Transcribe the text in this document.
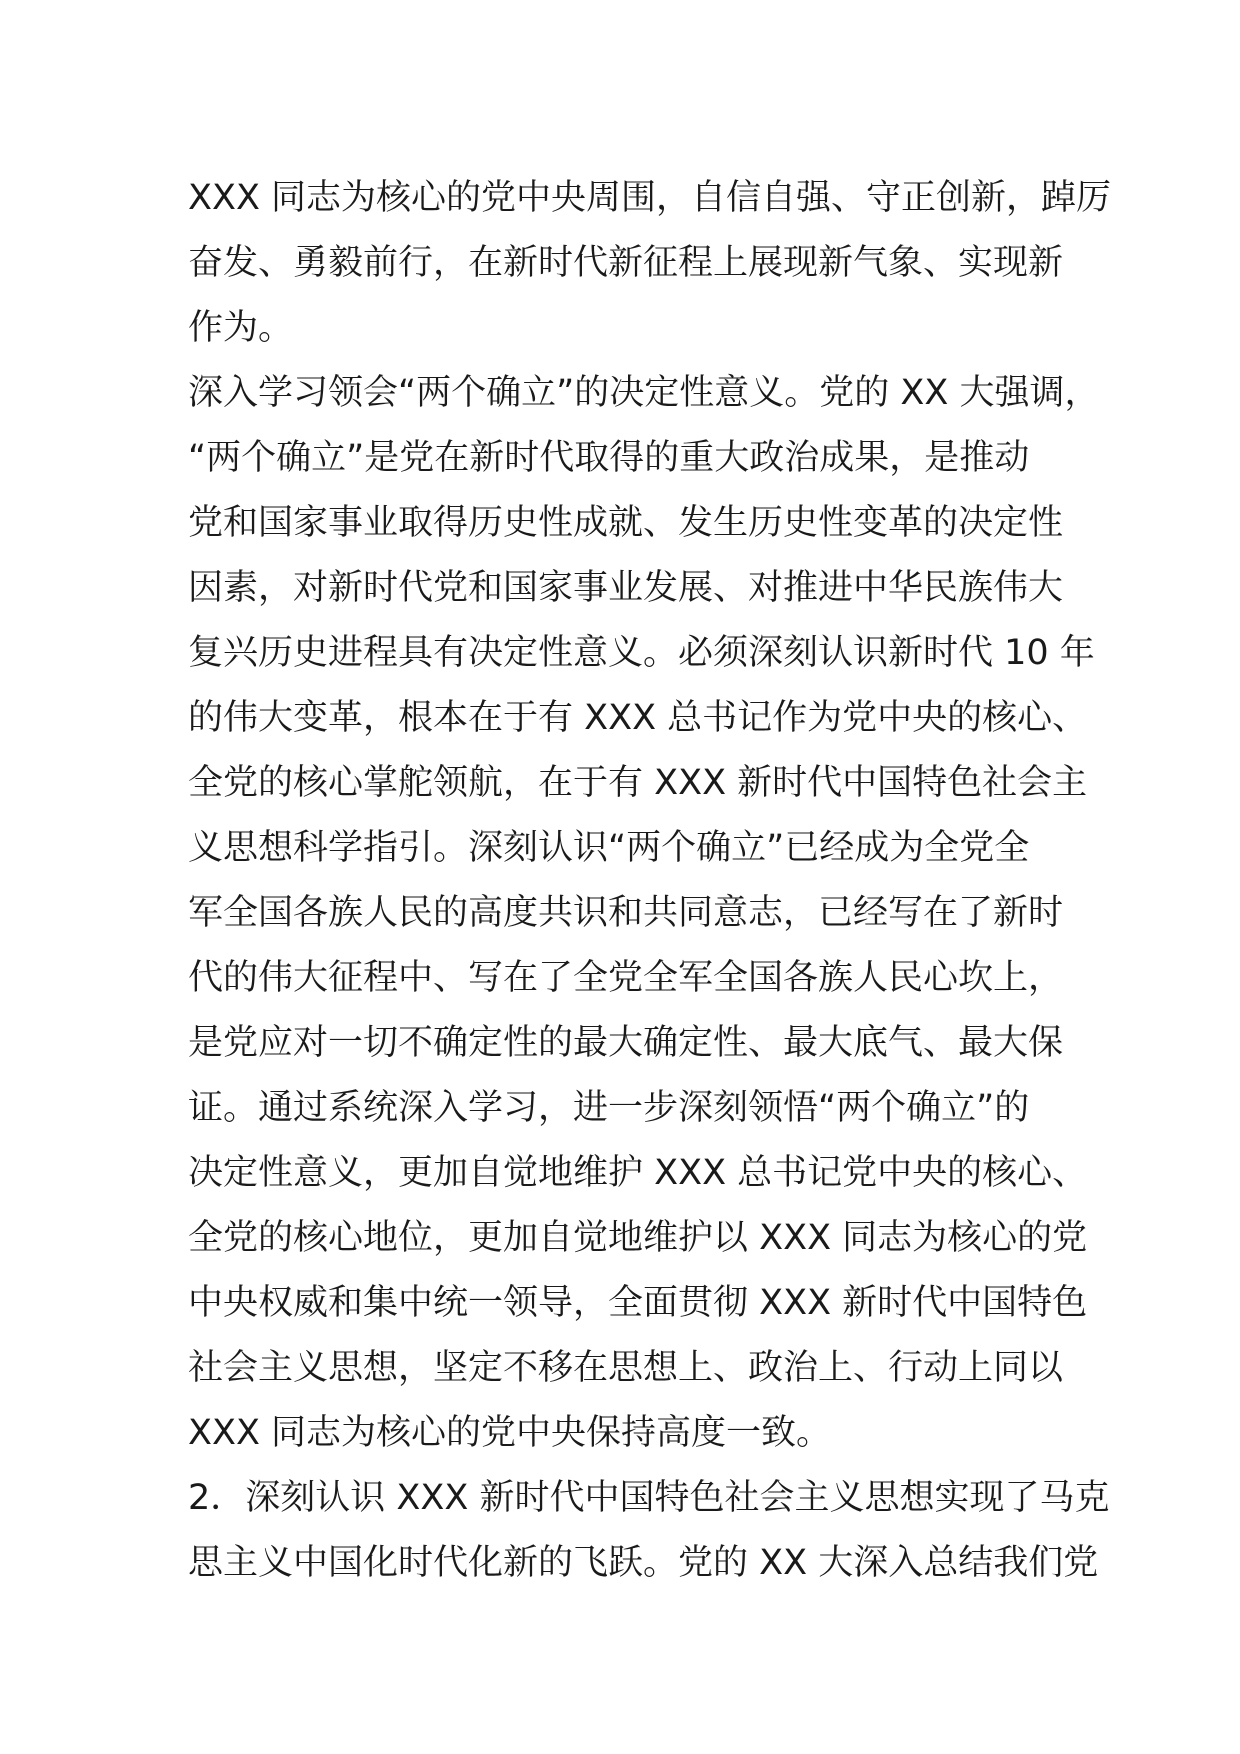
XXX 同志为核心的党中央周围，自信自强、守正创新，踔厉
奋发、勇毅前行，在新时代新征程上展现新气象、实现新
作为。
深入学习领会“两个确立”的决定性意义。党的 XX 大强调，
“两个确立”是党在新时代取得的重大政治成果，是推动
党和国家事业取得历史性成就、发生历史性变革的决定性
因素，对新时代党和国家事业发展、对推进中华民族伟大
复兴历史进程具有决定性意义。必须深刻认识新时代 10 年
的伟大变革，根本在于有 XXX 总书记作为党中央的核心、
全党的核心掌舵领航，在于有 XXX 新时代中国特色社会主
义思想科学指引。深刻认识“两个确立”已经成为全党全
军全国各族人民的高度共识和共同意志，已经写在了新时
代的伟大征程中、写在了全党全军全国各族人民心坎上，
是党应对一切不确定性的最大确定性、最大底气、最大保
证。通过系统深入学习，进一步深刻领悟“两个确立”的
决定性意义，更加自觉地维护 XXX 总书记党中央的核心、
全党的核心地位，更加自觉地维护以 XXX 同志为核心的党
中央权威和集中统一领导，全面贯彻 XXX 新时代中国特色
社会主义思想，坚定不移在思想上、政治上、行动上同以
XXX 同志为核心的党中央保持高度一致。
2．深刻认识 XXX 新时代中国特色社会主义思想实现了马克
思主义中国化时代化新的飞跃。党的 XX 大深入总结我们党
